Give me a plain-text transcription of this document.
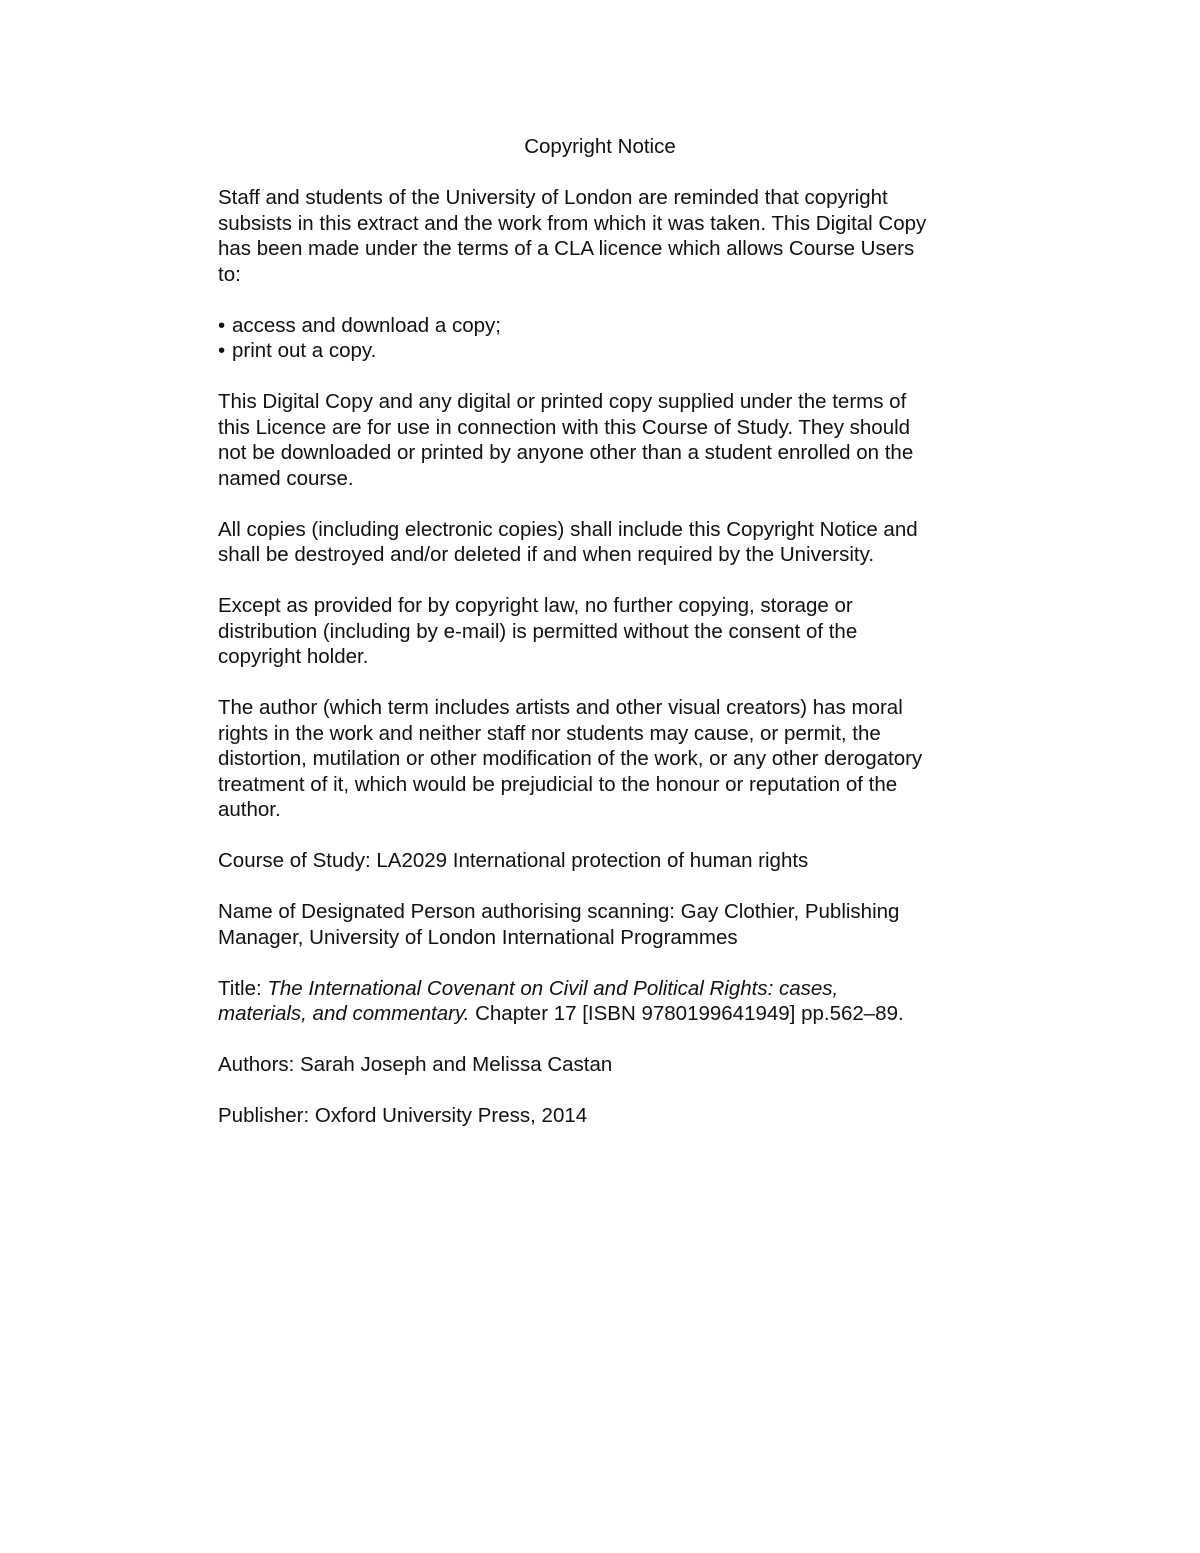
Copyright Notice

Staff and students of the University of London are reminded that copyright
subsists in this extract and the work from which it was taken. This Digital Copy
has been made under the terms of a CLA licence which allows Course Users
to:

• access and download a copy;
• print out a copy.

This Digital Copy and any digital or printed copy supplied under the terms of
this Licence are for use in connection with this Course of Study. They should
not be downloaded or printed by anyone other than a student enrolled on the
named course.

All copies (including electronic copies) shall include this Copyright Notice and
shall be destroyed and/or deleted if and when required by the University.

Except as provided for by copyright law, no further copying, storage or
distribution (including by e-mail) is permitted without the consent of the
copyright holder.

The author (which term includes artists and other visual creators) has moral
rights in the work and neither staff nor students may cause, or permit, the
distortion, mutilation or other modification of the work, or any other derogatory
treatment of it, which would be prejudicial to the honour or reputation of the
author.

Course of Study: LA2029 International protection of human rights

Name of Designated Person authorising scanning: Gay Clothier, Publishing
Manager, University of London International Programmes

Title: The International Covenant on Civil and Political Rights: cases,
materials, and commentary. Chapter 17 [ISBN 9780199641949] pp.562–89.

Authors: Sarah Joseph and Melissa Castan

Publisher: Oxford University Press, 2014
